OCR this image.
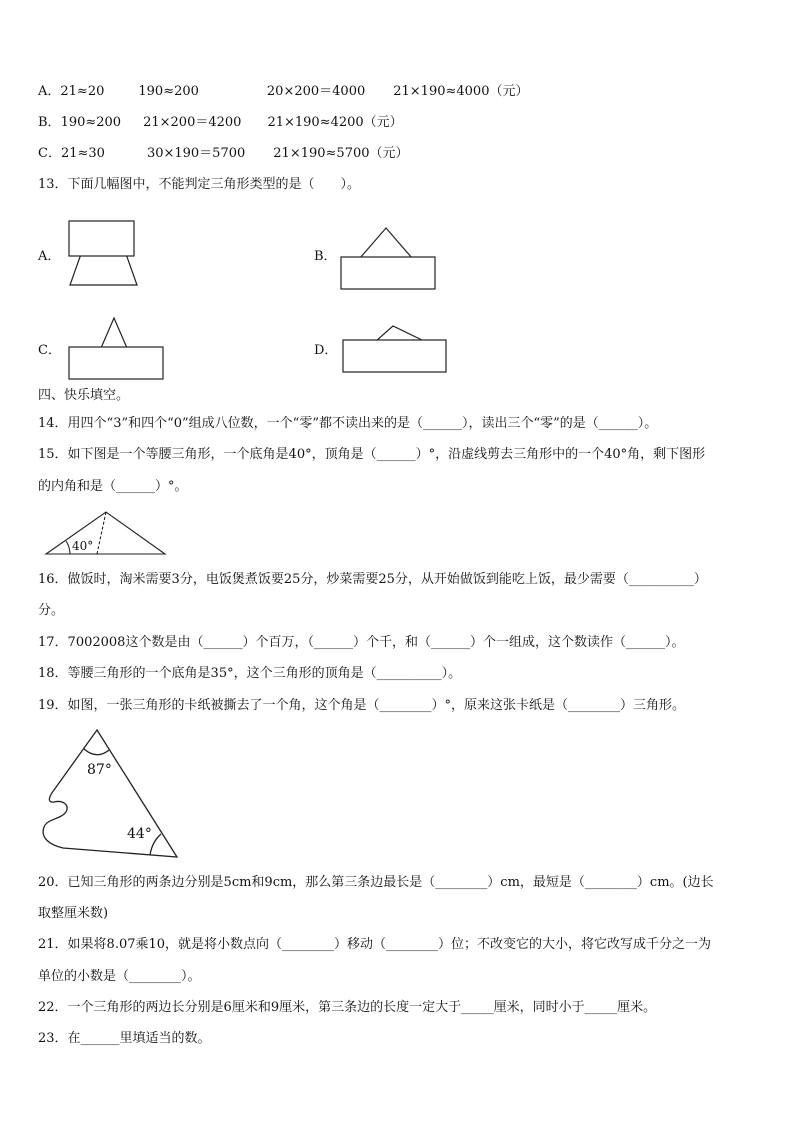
A．21≈20	190≈200	20×200＝4000 21×190≈4000（元）
B．190≈200 21×200＝4200 21×190≈4200（元）
C．21≈30	30×190＝5700 21×190≈5700（元）
13．下面几幅图中，不能判定三角形类型的是（　　）。
A．	B．
C．	D．
四、快乐填空。
14．用四个“3”和四个“0”组成八位数，一个“零”都不读出来的是（______），读出三个“零”的是（______）。
15．如下图是一个等腰三角形，一个底角是40°，顶角是（______）°，沿虚线剪去三角形中的一个40°角，剩下图形
的内角和是（______）°。
40°
16．做饭时，淘米需要3分，电饭煲煮饭要25分，炒菜需要25分，从开始做饭到能吃上饭，最少需要（__________）
分。
17．7002008这个数是由（______）个百万，（______）个千，和（______）个一组成，这个数读作（______）。
18．等腰三角形的一个底角是35°，这个三角形的顶角是（__________）。
19．如图，一张三角形的卡纸被撕去了一个角，这个角是（________）°，原来这张卡纸是（________）三角形。
87°
44°
20．已知三角形的两条边分别是5cm和9cm，那么第三条边最长是（________）cm，最短是（________）cm。(边长
取整厘米数)
21．如果将8.07乘10，就是将小数点向（________）移动（________）位；不改变它的大小，将它改写成千分之一为
单位的小数是（________）。
22．一个三角形的两边长分别是6厘米和9厘米，第三条边的长度一定大于_____厘米，同时小于_____厘米。
23．在______里填适当的数。
